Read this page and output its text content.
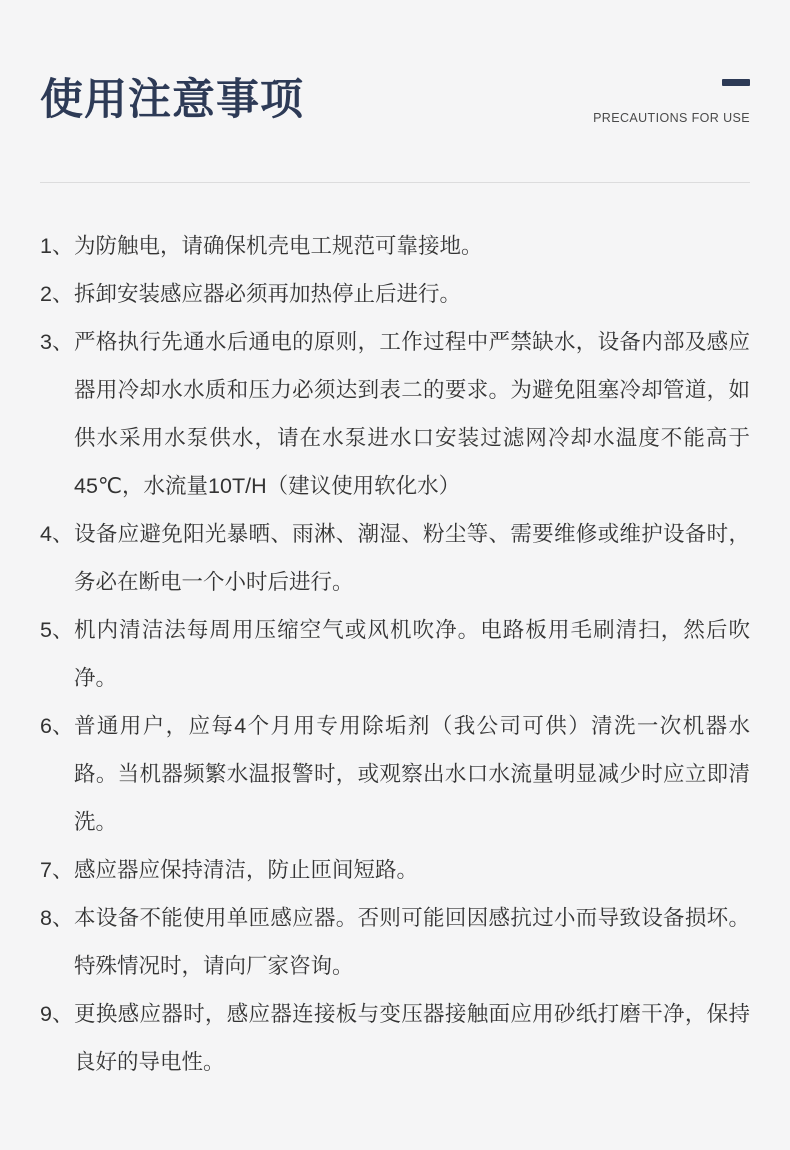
使用注意事项	PRECAUTIONS FOR USE
1、 为防触电，请确保机壳电工规范可靠接地。
2、 拆卸安装感应器必须再加热停止后进行。
3、 严格执行先通水后通电的原则，工作过程中严禁缺水，设备内部及感应器用冷却水水质和压力必须达到表二的要求。为避免阻塞冷却管道，如供水采用水泵供水，请在水泵进水口安装过滤网冷却水温度不能高于45℃，水流量10T/H（建议使用软化水）
4、 设备应避免阳光暴晒、雨淋、潮湿、粉尘等、需要维修或维护设备时，务必在断电一个小时后进行。
5、 机内清洁法每周用压缩空气或风机吹净。电路板用毛刷清扫，然后吹净。
6、 普通用户，应每4个月用专用除垢剂（我公司可供）清洗一次机器水路。当机器频繁水温报警时，或观察出水口水流量明显减少时应立即清洗。
7、 感应器应保持清洁，防止匝间短路。
8、 本设备不能使用单匝感应器。否则可能回因感抗过小而导致设备损坏。特殊情况时，请向厂家咨询。
9、 更换感应器时，感应器连接板与变压器接触面应用砂纸打磨干净，保持良好的导电性。
